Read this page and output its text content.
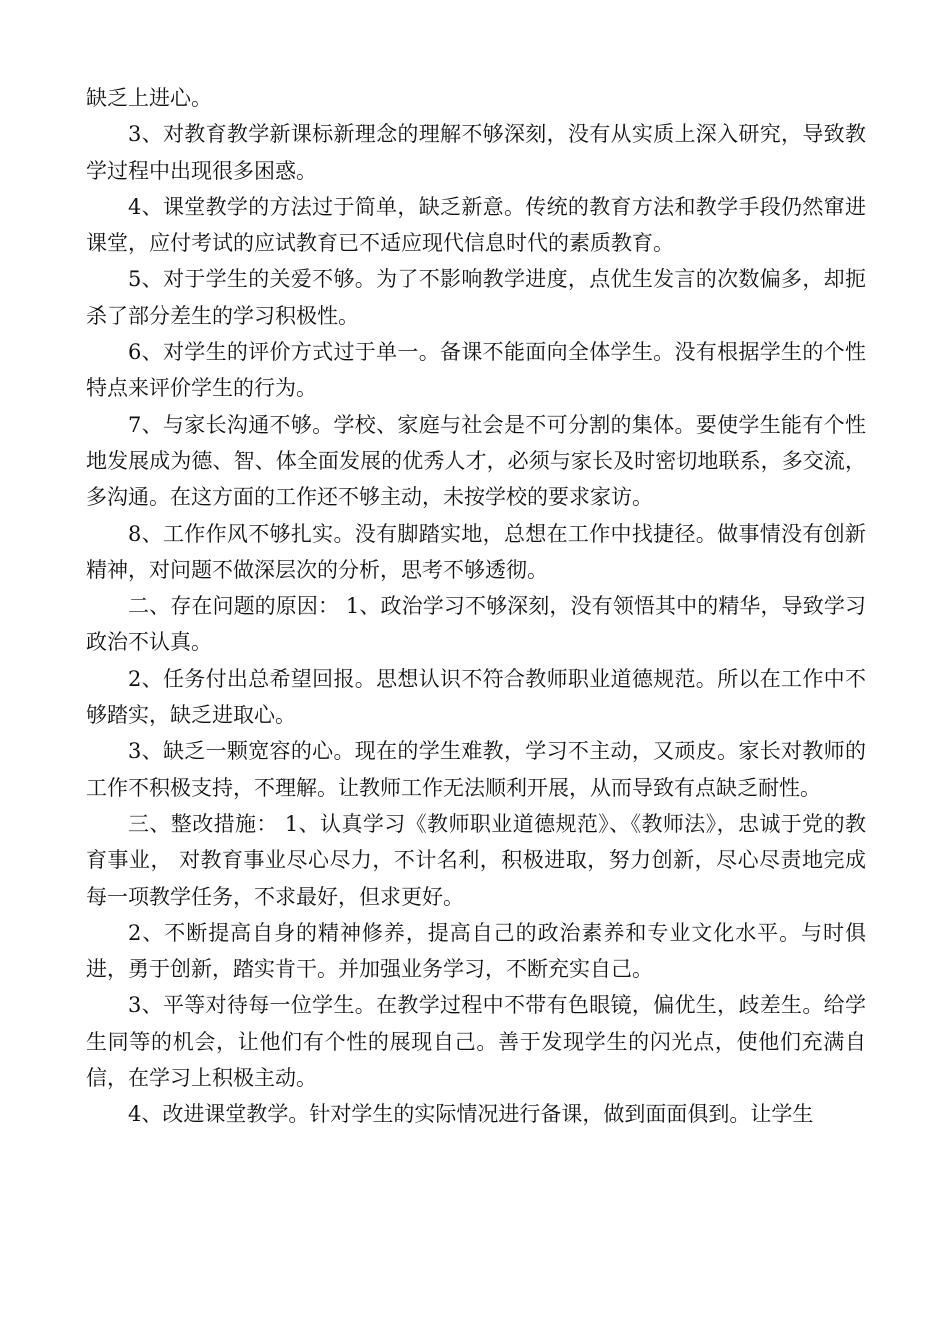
缺乏上进心。

3、对教育教学新课标新理念的理解不够深刻，没有从实质上深入研究，导致教学过程中出现很多困惑。

4、课堂教学的方法过于简单，缺乏新意。传统的教育方法和教学手段仍然窜进课堂，应付考试的应试教育已不适应现代信息时代的素质教育。

5、对于学生的关爱不够。为了不影响教学进度，点优生发言的次数偏多，却扼杀了部分差生的学习积极性。

6、对学生的评价方式过于单一。备课不能面向全体学生。没有根据学生的个性特点来评价学生的行为。

7、与家长沟通不够。学校、家庭与社会是不可分割的集体。要使学生能有个性地发展成为德、智、体全面发展的优秀人才，必须与家长及时密切地联系，多交流，多沟通。在这方面的工作还不够主动，未按学校的要求家访。

8、工作作风不够扎实。没有脚踏实地，总想在工作中找捷径。做事情没有创新精神，对问题不做深层次的分析，思考不够透彻。

二、存在问题的原因： 1、政治学习不够深刻，没有领悟其中的精华，导致学习政治不认真。

2、任务付出总希望回报。思想认识不符合教师职业道德规范。所以在工作中不够踏实，缺乏进取心。

3、缺乏一颗宽容的心。现在的学生难教，学习不主动，又顽皮。家长对教师的工作不积极支持，不理解。让教师工作无法顺利开展，从而导致有点缺乏耐性。

三、整改措施： 1、认真学习《教师职业道德规范》、《教师法》，忠诚于党的教育事业， 对教育事业尽心尽力，不计名利，积极进取，努力创新，尽心尽责地完成每一项教学任务，不求最好，但求更好。

2、不断提高自身的精神修养，提高自己的政治素养和专业文化水平。与时俱进，勇于创新，踏实肯干。并加强业务学习，不断充实自己。

3、平等对待每一位学生。在教学过程中不带有色眼镜，偏优生，歧差生。给学生同等的机会，让他们有个性的展现自己。善于发现学生的闪光点，使他们充满自信，在学习上积极主动。

4、改进课堂教学。针对学生的实际情况进行备课，做到面面俱到。让学生
